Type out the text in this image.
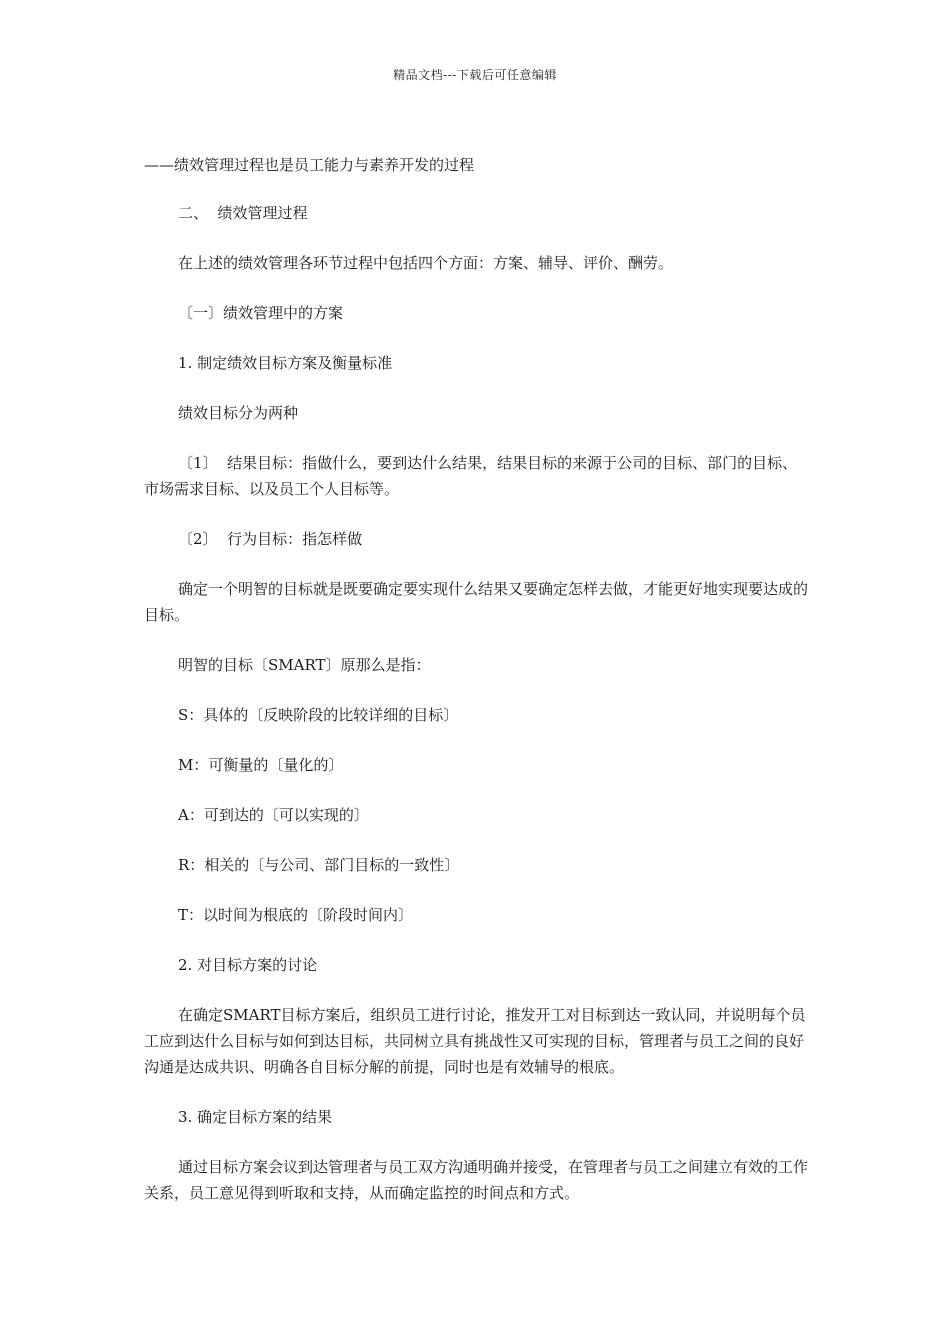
精品文档---下载后可任意编辑

——绩效管理过程也是员工能力与素养开发的过程

二、  绩效管理过程

在上述的绩效管理各环节过程中包括四个方面：方案、辅导、评价、酬劳。

〔一〕绩效管理中的方案

1. 制定绩效目标方案及衡量标准

绩效目标分为两种

〔1〕  结果目标：指做什么，要到达什么结果，结果目标的来源于公司的目标、部门的目标、市场需求目标、以及员工个人目标等。

〔2〕  行为目标：指怎样做

确定一个明智的目标就是既要确定要实现什么结果又要确定怎样去做，才能更好地实现要达成的目标。

明智的目标〔SMART〕原那么是指：

S：具体的〔反映阶段的比较详细的目标〕

M：可衡量的〔量化的〕

A：可到达的〔可以实现的〕

R：相关的〔与公司、部门目标的一致性〕

T：以时间为根底的〔阶段时间内〕

2. 对目标方案的讨论

在确定SMART目标方案后，组织员工进行讨论，推发开工对目标到达一致认同，并说明每个员工应到达什么目标与如何到达目标，共同树立具有挑战性又可实现的目标，管理者与员工之间的良好沟通是达成共识、明确各自目标分解的前提，同时也是有效辅导的根底。

3. 确定目标方案的结果

通过目标方案会议到达管理者与员工双方沟通明确并接受，在管理者与员工之间建立有效的工作关系，员工意见得到听取和支持，从而确定监控的时间点和方式。
